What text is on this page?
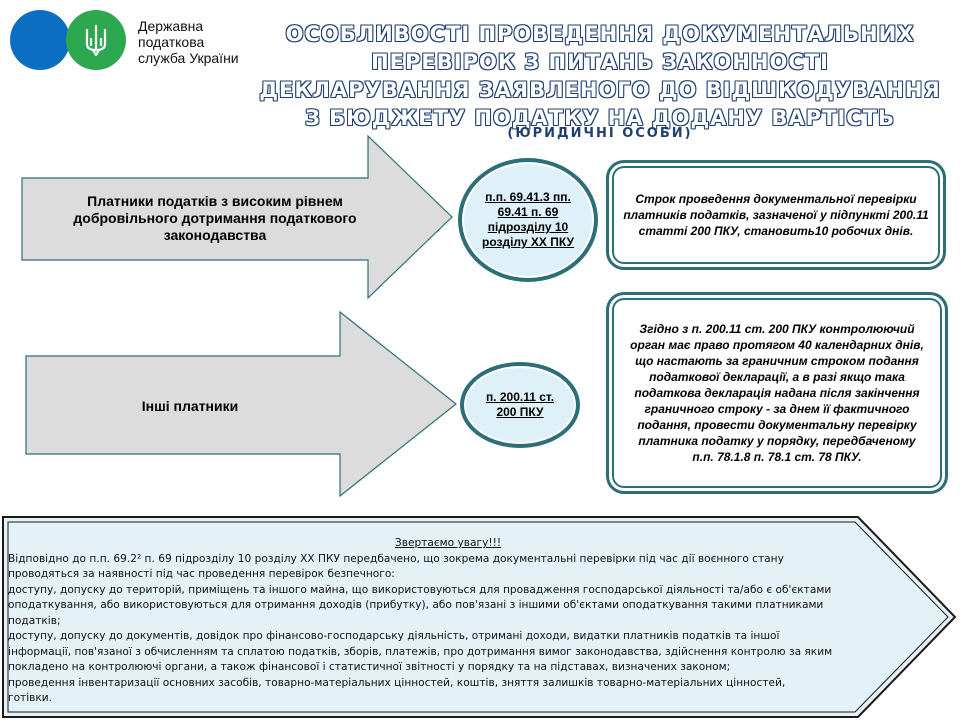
Державна
податкова
служба України
ОСОБЛИВОСТІ ПРОВЕДЕННЯ ДОКУМЕНТАЛЬНИХ
ПЕРЕВІРОК З ПИТАНЬ ЗАКОННОСТІ
ДЕКЛАРУВАННЯ ЗАЯВЛЕНОГО ДО ВІДШКОДУВАННЯ
З БЮДЖЕТУ ПОДАТКУ НА ДОДАНУ ВАРТІСТЬ
(ЮРИДИЧНІ ОСОБИ)
Платники податків з високим рівнем добровільного дотримання податкового законодавства
п.п. 69.41.3 пп. 69.41 п. 69 підрозділу 10 розділу ХХ ПКУ
Строк проведення документальної перевірки платників податків, зазначеної у підпункті 200.11 статті 200 ПКУ, становить10 робочих днів.
Інші платники
п. 200.11 ст. 200 ПКУ
Згідно з п. 200.11 ст. 200 ПКУ контролюючий орган має право протягом 40 календарних днів, що настають за граничним строком подання податкової декларації, а в разі якщо така податкова декларація надана після закінчення граничного строку - за днем її фактичного подання, провести документальну перевірку платника податку у порядку, передбаченому п.п. 78.1.8 п. 78.1 ст. 78 ПКУ.
Звертаємо увагу!!!
Відповідно до п.п. 69.2² п. 69 підрозділу 10 розділу ХХ ПКУ передбачено, що зокрема документальні перевірки під час дії воєнного стану
проводяться за наявності під час проведення перевірок безпечного:
доступу, допуску до територій, приміщень та іншого майна, що використовуються для провадження господарської діяльності та/або є об'єктами
оподаткування, або використовуються для отримання доходів (прибутку), або пов'язані з іншими об'єктами оподаткування такими платниками
податків;
доступу, допуску до документів, довідок про фінансово-господарську діяльність, отримані доходи, видатки платників податків та іншої
інформації, пов'язаної з обчисленням та сплатою податків, зборів, платежів, про дотримання вимог законодавства, здійснення контролю за яким
покладено на контролюючі органи, а також фінансової і статистичної звітності у порядку та на підставах, визначених законом;
проведення інвентаризації основних засобів, товарно-матеріальних цінностей, коштів, зняття залишків товарно-матеріальних цінностей,
готівки.
